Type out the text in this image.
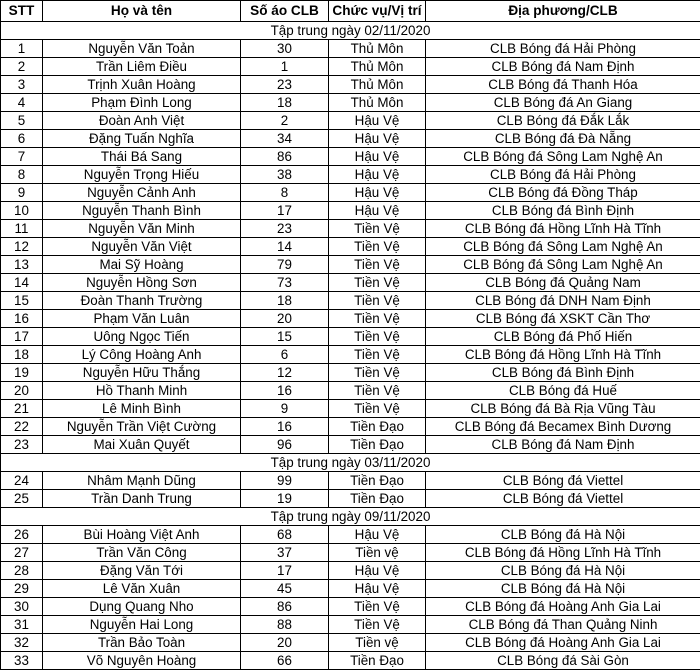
STT	Họ và tên	Số áo CLB	Chức vụ/Vị trí	Địa phương/CLB
Tập trung ngày 02/11/2020				
1	Nguyễn Văn Toản	30	Thủ Môn	CLB Bóng đá Hải Phòng
2	Trần Liêm Điều	1	Thủ Môn	CLB Bóng đá Nam Định
3	Trịnh Xuân Hoàng	23	Thủ Môn	CLB Bóng đá Thanh Hóa
4	Phạm Đình Long	18	Thủ Môn	CLB Bóng đá An Giang
5	Đoàn Anh Việt	2	Hậu Vệ	CLB Bóng đá Đắk Lắk
6	Đặng Tuấn Nghĩa	34	Hậu Vệ	CLB Bóng đá Đà Nẵng
7	Thái Bá Sang	86	Hậu Vệ	CLB Bóng đá Sông Lam Nghệ An
8	Nguyễn Trọng Hiếu	38	Hậu Vệ	CLB Bóng đá Hải Phòng
9	Nguyễn Cảnh Anh	8	Hậu Vệ	CLB Bóng đá Đồng Tháp
10	Nguyễn Thanh Bình	17	Hậu Vệ	CLB Bóng đá Bình Định
11	Nguyễn Văn Minh	23	Tiền Vệ	CLB Bóng đá Hồng Lĩnh Hà Tĩnh
12	Nguyễn Văn Việt	14	Tiền Vệ	CLB Bóng đá Sông Lam Nghệ An
13	Mai Sỹ Hoàng	79	Tiền Vệ	CLB Bóng đá Sông Lam Nghệ An
14	Nguyễn Hồng Sơn	73	Tiền Vệ	CLB Bóng đá Quảng Nam
15	Đoàn Thanh Trường	18	Tiền Vệ	CLB Bóng đá DNH Nam Định
16	Phạm Văn Luân	20	Tiền Vệ	CLB Bóng đá XSKT Cần Thơ
17	Uông Ngọc Tiến	15	Tiền Vệ	CLB Bóng đá Phố Hiến
18	Lý Công Hoàng Anh	6	Tiền Vệ	CLB Bóng đá Hồng Lĩnh Hà Tĩnh
19	Nguyễn Hữu Thắng	12	Tiền Vệ	CLB Bóng đá Bình Định
20	Hồ Thanh Minh	16	Tiền Vệ	CLB Bóng đá Huế
21	Lê Minh Bình	9	Tiền Vệ	CLB Bóng đá Bà Rịa Vũng Tàu
22	Nguyễn Trần Việt Cường	16	Tiền Đạo	CLB Bóng đá Becamex Bình Dương
23	Mai Xuân Quyết	96	Tiền Đạo	CLB Bóng đá Nam Định
Tập trung ngày 03/11/2020				
24	Nhâm Mạnh Dũng	99	Tiền Đạo	CLB Bóng đá Viettel
25	Trần Danh Trung	19	Tiền Đạo	CLB Bóng đá Viettel
Tập trung ngày 09/11/2020				
26	Bùi Hoàng Việt Anh	68	Hậu Vệ	CLB Bóng đá Hà Nội
27	Trần Văn Công	37	Tiền vệ	CLB Bóng đá Hồng Lĩnh Hà Tĩnh
28	Đặng Văn Tới	17	Hậu Vệ	CLB Bóng đá Hà Nội
29	Lê Văn Xuân	45	Hậu Vệ	CLB Bóng đá Hà Nội
30	Dụng Quang Nho	86	Tiền Vệ	CLB Bóng đá Hoàng Anh Gia Lai
31	Nguyễn Hai Long	88	Tiền Vệ	CLB Bóng đá Than Quảng Ninh
32	Trần Bảo Toàn	20	Tiền vệ	CLB Bóng đá Hoàng Anh Gia Lai
33	Võ Nguyên Hoàng	66	Tiền Đạo	CLB Bóng đá Sài Gòn
